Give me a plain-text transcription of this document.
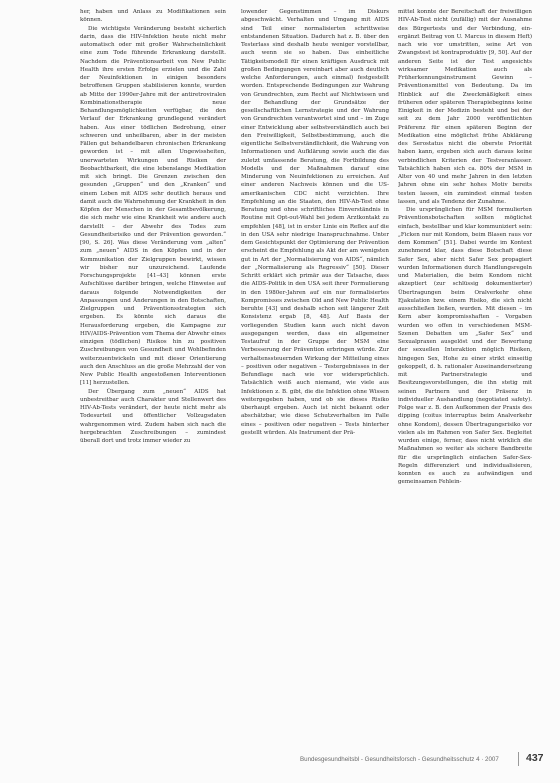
her, haben und Anlass zu Modifikationen sein können.

Die wichtigste Veränderung besteht sicherlich darin, dass die HIV-Infektion heute nicht mehr automatisch oder mit großer Wahrscheinlichkeit eine zum Tode führende Erkrankung darstellt. Nachdem die Präventionsarbeit von New Public Health ihre ersten Erfolge erzielen und die Zahl der Neuinfektionen in einigen besonders betroffenen Gruppen stabilisieren konnte, wurden ab Mitte der 1990er-Jahre mit der antiretroviralen Kombinationstherapie neue Behandlungsmöglichkeiten verfügbar, die den Verlauf der Erkrankung grundlegend verändert haben. Aus einer tödlichen Bedrohung, einer schweren und unheilbaren, aber in der meisten Fällen gut behandelbaren chronischen Erkrankung geworden ist – mit allen Ungewissheiten, unerwarteten Wirkungen und Risiken der Beobachtbarkeit, die eine lebenslange Medikation mit sich bringt. Die Grenzen zwischen den gesunden „Gruppen“ und den „Kranken“ und einem Leben mit AIDS sehr deutlich heraus und damit auch die Wahrnehmung der Krankheit in den Köpfen der Menschen in der Gesamtbevölkerung, die sich mehr wie eine Krankheit wie andere auch darstellt – der Abwehr des Todes zum Gesundheitsrisiko und der Prävention geworden.“ [90, S. 26]. Was diese Veränderung vom „alten“ zum „neuen“ AIDS in den Köpfen und in der Kommunikation der Zielgruppen bewirkt, wissen wir bisher nur unzureichend. Laufende Forschungsprojekte [41–43] können erste Aufschlüsse darüber bringen, welche Hinweise auf daraus folgende Notwendigkeiten der Anpassungen und Änderungen in den Botschaften, Zielgruppen und Präventionsstrategien sich ergeben. Es könnte sich daraus die Herausforderung ergeben, die Kampagne zur HIV/AIDS-Prävention vom Thema der Abwehr eines einzigen (tödlichen) Risikos hin zu positiven Zuschreibungen von Gesundheit und Wohlbefinden weiterzuentwickeln und mit dieser Orientierung auch den Anschluss an die große Mehrzahl der von New Public Health angestoßenen Interventionen [11] herzustellen.

Der Übergang zum „neuen“ AIDS hat unbestreitbar auch Charakter und Stellenwert des HIV-Ab-Tests verändert, der heute nicht mehr als Todesurteil und öffentlicher Vollzugsdaten wahrgenommen wird. Zudem haben sich nach die hergebrachten Zuschreibungen – zumindest überall dort und trotz immer wieder zu

lowender Gegenstimmen – im Diskurs abgeschwächt. Verhalten und Umgang mit AIDS sind Teil einer normalisierten schrittweise entstandenen Situation. Dadurch hat z. B. über den Testerlass sind deshalb heute weniger vorstellbar, auch wenn sie so haben. Das einheitliche Tätigkeitsmodell für einen kräftigen Ausdruck mit großen Bedingungen vereinbart aber auch deutlich welche Anforderungen, auch einmal) festgestellt worden. Entsprechende Bedingungen zur Wahrung von Grundrechten, zum Recht auf Nichtwissen und der Behandlung der Grundsätze der gesellschaftlichen Lernstrategie und der Wahrung von Grundrechten verantwortet sind und – im Zuge einer Entwicklung aber selbstverständlich auch bei den Freiwilligkeit, Selbstbestimmung, auch die eigentliche Selbstverständlichkeit, die Wahrung von Informationen und Aufklärung sowie auch die das zuletzt umfassende Beratung, die Fortbildung des Modells und der Maßnahmen darauf eine Minderung von Neuinfektionen zu erreichen. Auf einer anderen Nachweis können und die US-amerikanischen CDC nicht verzichten. Ihre Empfehlung an die Staaten, den HIV-Ab-Test ohne Beratung und ohne schriftliches Einverständnis in Routine mit Opt-out-Wahl bei jedem Arztkontakt zu empfehlen [48], ist in erster Linie ein Reflex auf die in den USA sehr niedrige Inanspruchnahme. Unter dem Gesichtspunkt der Optimierung der Prävention erscheint die Empfehlung als Akt der am wenigsten gut in Art der „Normalisierung von AIDS“, nämlich der „Normalisierung als Regressiv“ [50]. Dieser Schritt erklärt sich primär aus der Tatsache, dass die AIDS-Politik in den USA seit ihrer Formulierung in den 1980er-Jahren auf ein nur formalisiertes Kompromisses zwischen Old and New Public Health beruhte [43] und deshalb schon seit längerer Zeit Konsistenz ergab [8, 48]. Auf Basis der vorliegenden Studien kann auch nicht davon ausgegangen werden, dass ein allgemeiner Testaufruf in der Gruppe der MSM eine Verbesserung der Prävention erbringen würde. Zur verhaltenssteuernden Wirkung der Mitteilung eines – positiven oder negativen – Testergebnisses in der Befundlage nach wie vor widersprüchlich. Tatsächlich weiß auch niemand, wie viele aus Infektionen z. B. gibt, die die Infektion ohne Wissen weitergegeben haben, und ob sie dieses Risiko überhaupt ergeben. Auch ist nicht bekannt oder abschätzbar, wie diese Schutzverhalten im Falle eines – positiven oder negativen – Tests hinterher gestellt würden. Als Instrument der Prä-

mittel konnte der Bereitschaft der freiwilligen HIV-Ab-Test nicht (zufällig) mit der Ausnahme des Bürgertests und der Verbindung, ein- ergänzt Beitrag von U. Marcus in diesem Heft) nach wie vor umstritten, seine Art von Zwangstest ist kontraproduktiv [9, 50]. Auf der anderen Seite ist der Test angesichts wirksamer Medikation auch als Früherkennungsinstrument Gewinn – Präventionsmittel von Bedeutung. Da im Hinblick auf die Zweckmäßigkeit eines früheren oder späteren Therapiebeginns keine Einigkeit in der Medizin besteht und bei der seit zu dem Jahr 2000 veröffentlichten Präferenz für einen späteren Beginn der Medikation eine möglichst frühe Abklärung des Serostatus nicht die oberste Priorität haben kann, ergeben sich auch daraus keine verbindlichen Kriterien der Testveranlasser. Tatsächlich haben sich ca. 80% der MSM in Alter von 40 und mehr Jahren in den letzten Jahren ohne ein sehr hohes Motiv bereits testen lassen, ein zumindest einmal testen lassen, und als Tendenz der Zunahme.

Die ursprünglichen für MSM formulierten Präventionsbotschaften sollten möglichst einfach, bestellbar und klar kommuniziert sein: „Ficken nur mit Kondom, beim Blasen raus vor dem Kommen“ [51]. Dabei wurde im Kontext zunehmend klar, dass diese Botschaft diese Safer Sex, aber nicht Safer Sex propagiert wurden Informationen durch Handlungsregeln und Materialien, die beim Kondom nicht akzeptiert (zur schlüssig dokumentierter) Übertragungen beim Oralverkehr ohne Ejakulation bzw. einem Risiko, die sich nicht ausschließen ließen, wurden. Mit diesen – im Kern aber kompromisshaften – Vorgaben wurden wo offen in verschiedenen MSM-Szenen Debatten um „Safer Sex“ und Sexualpraxen ausgelöst und der Bewertung der sexuellen Interaktion möglich Risiken, hingegen Sex, Hohe zu einer strikt einseitig gekoppelt, d. h. rationaler Auseinandersetzung mit Partnerstrategie und Besitzungsvorstellungen, die ihn stetig mit seinen Partnern und der Präsenz in individueller Aushandlung (negotiated safety). Folge war z. B. den Aufkommen der Praxis des dipping (coitus interruptus beim Analverkehr ohne Kondom), dessen Übertragungsrisiko vor vielen als im Rahmen von Safer Sex. Begleitet wurden einige, ferner, dass nicht wirklich die Maßnahmen so weiter als sichere Bandbreite für die ursprünglich einfachen Safer-Sex-Regeln differenziert und individualisieren, konnten es auch zu aufwändigen und gemeinsamen Fehlein-

Bundesgesundheitsbl - Gesundheitsforsch - Gesundheitsschutz 4 · 2007	437
